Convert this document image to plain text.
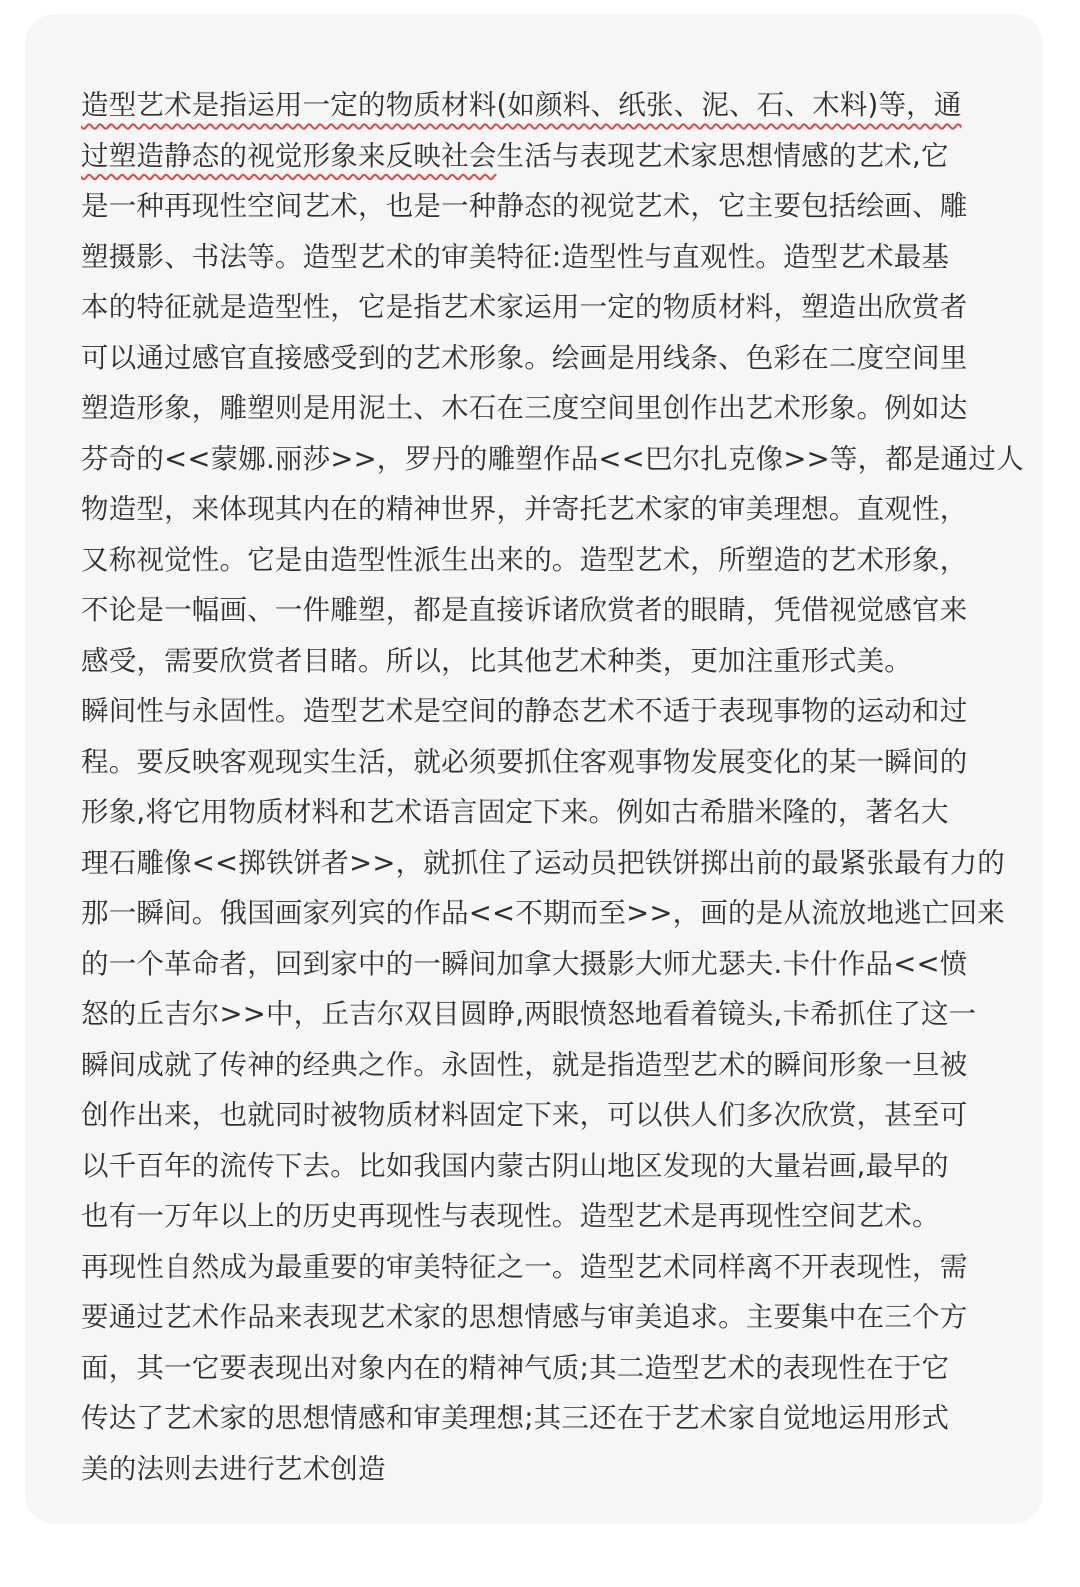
造型艺术是指运用一定的物质材料(如颜料、纸张、泥、石、木料)等，通
过塑造静态的视觉形象来反映社会生活与表现艺术家思想情感的艺术,它
是一种再现性空间艺术，也是一种静态的视觉艺术，它主要包括绘画、雕
塑摄影、书法等。造型艺术的审美特征:造型性与直观性。造型艺术最基
本的特征就是造型性，它是指艺术家运用一定的物质材料，塑造出欣赏者
可以通过感官直接感受到的艺术形象。绘画是用线条、色彩在二度空间里
塑造形象，雕塑则是用泥土、木石在三度空间里创作出艺术形象。例如达
芬奇的<<蒙娜.丽莎>>，罗丹的雕塑作品<<巴尔扎克像>>等，都是通过人
物造型，来体现其内在的精神世界，并寄托艺术家的审美理想。直观性，
又称视觉性。它是由造型性派生出来的。造型艺术，所塑造的艺术形象，
不论是一幅画、一件雕塑，都是直接诉诸欣赏者的眼睛，凭借视觉感官来
感受，需要欣赏者目睹。所以，比其他艺术种类，更加注重形式美。
瞬间性与永固性。造型艺术是空间的静态艺术不适于表现事物的运动和过
程。要反映客观现实生活，就必须要抓住客观事物发展变化的某一瞬间的
形象,将它用物质材料和艺术语言固定下来。例如古希腊米隆的，著名大
理石雕像<<掷铁饼者>>，就抓住了运动员把铁饼掷出前的最紧张最有力的
那一瞬间。俄国画家列宾的作品<<不期而至>>，画的是从流放地逃亡回来
的一个革命者，回到家中的一瞬间加拿大摄影大师尤瑟夫.卡什作品<<愤
怒的丘吉尔>>中，丘吉尔双目圆睁,两眼愤怒地看着镜头,卡希抓住了这一
瞬间成就了传神的经典之作。永固性，就是指造型艺术的瞬间形象一旦被
创作出来，也就同时被物质材料固定下来，可以供人们多次欣赏，甚至可
以千百年的流传下去。比如我国内蒙古阴山地区发现的大量岩画,最早的
也有一万年以上的历史再现性与表现性。造型艺术是再现性空间艺术。
再现性自然成为最重要的审美特征之一。造型艺术同样离不开表现性，需
要通过艺术作品来表现艺术家的思想情感与审美追求。主要集中在三个方
面，其一它要表现出对象内在的精神气质;其二造型艺术的表现性在于它
传达了艺术家的思想情感和审美理想;其三还在于艺术家自觉地运用形式
美的法则去进行艺术创造
